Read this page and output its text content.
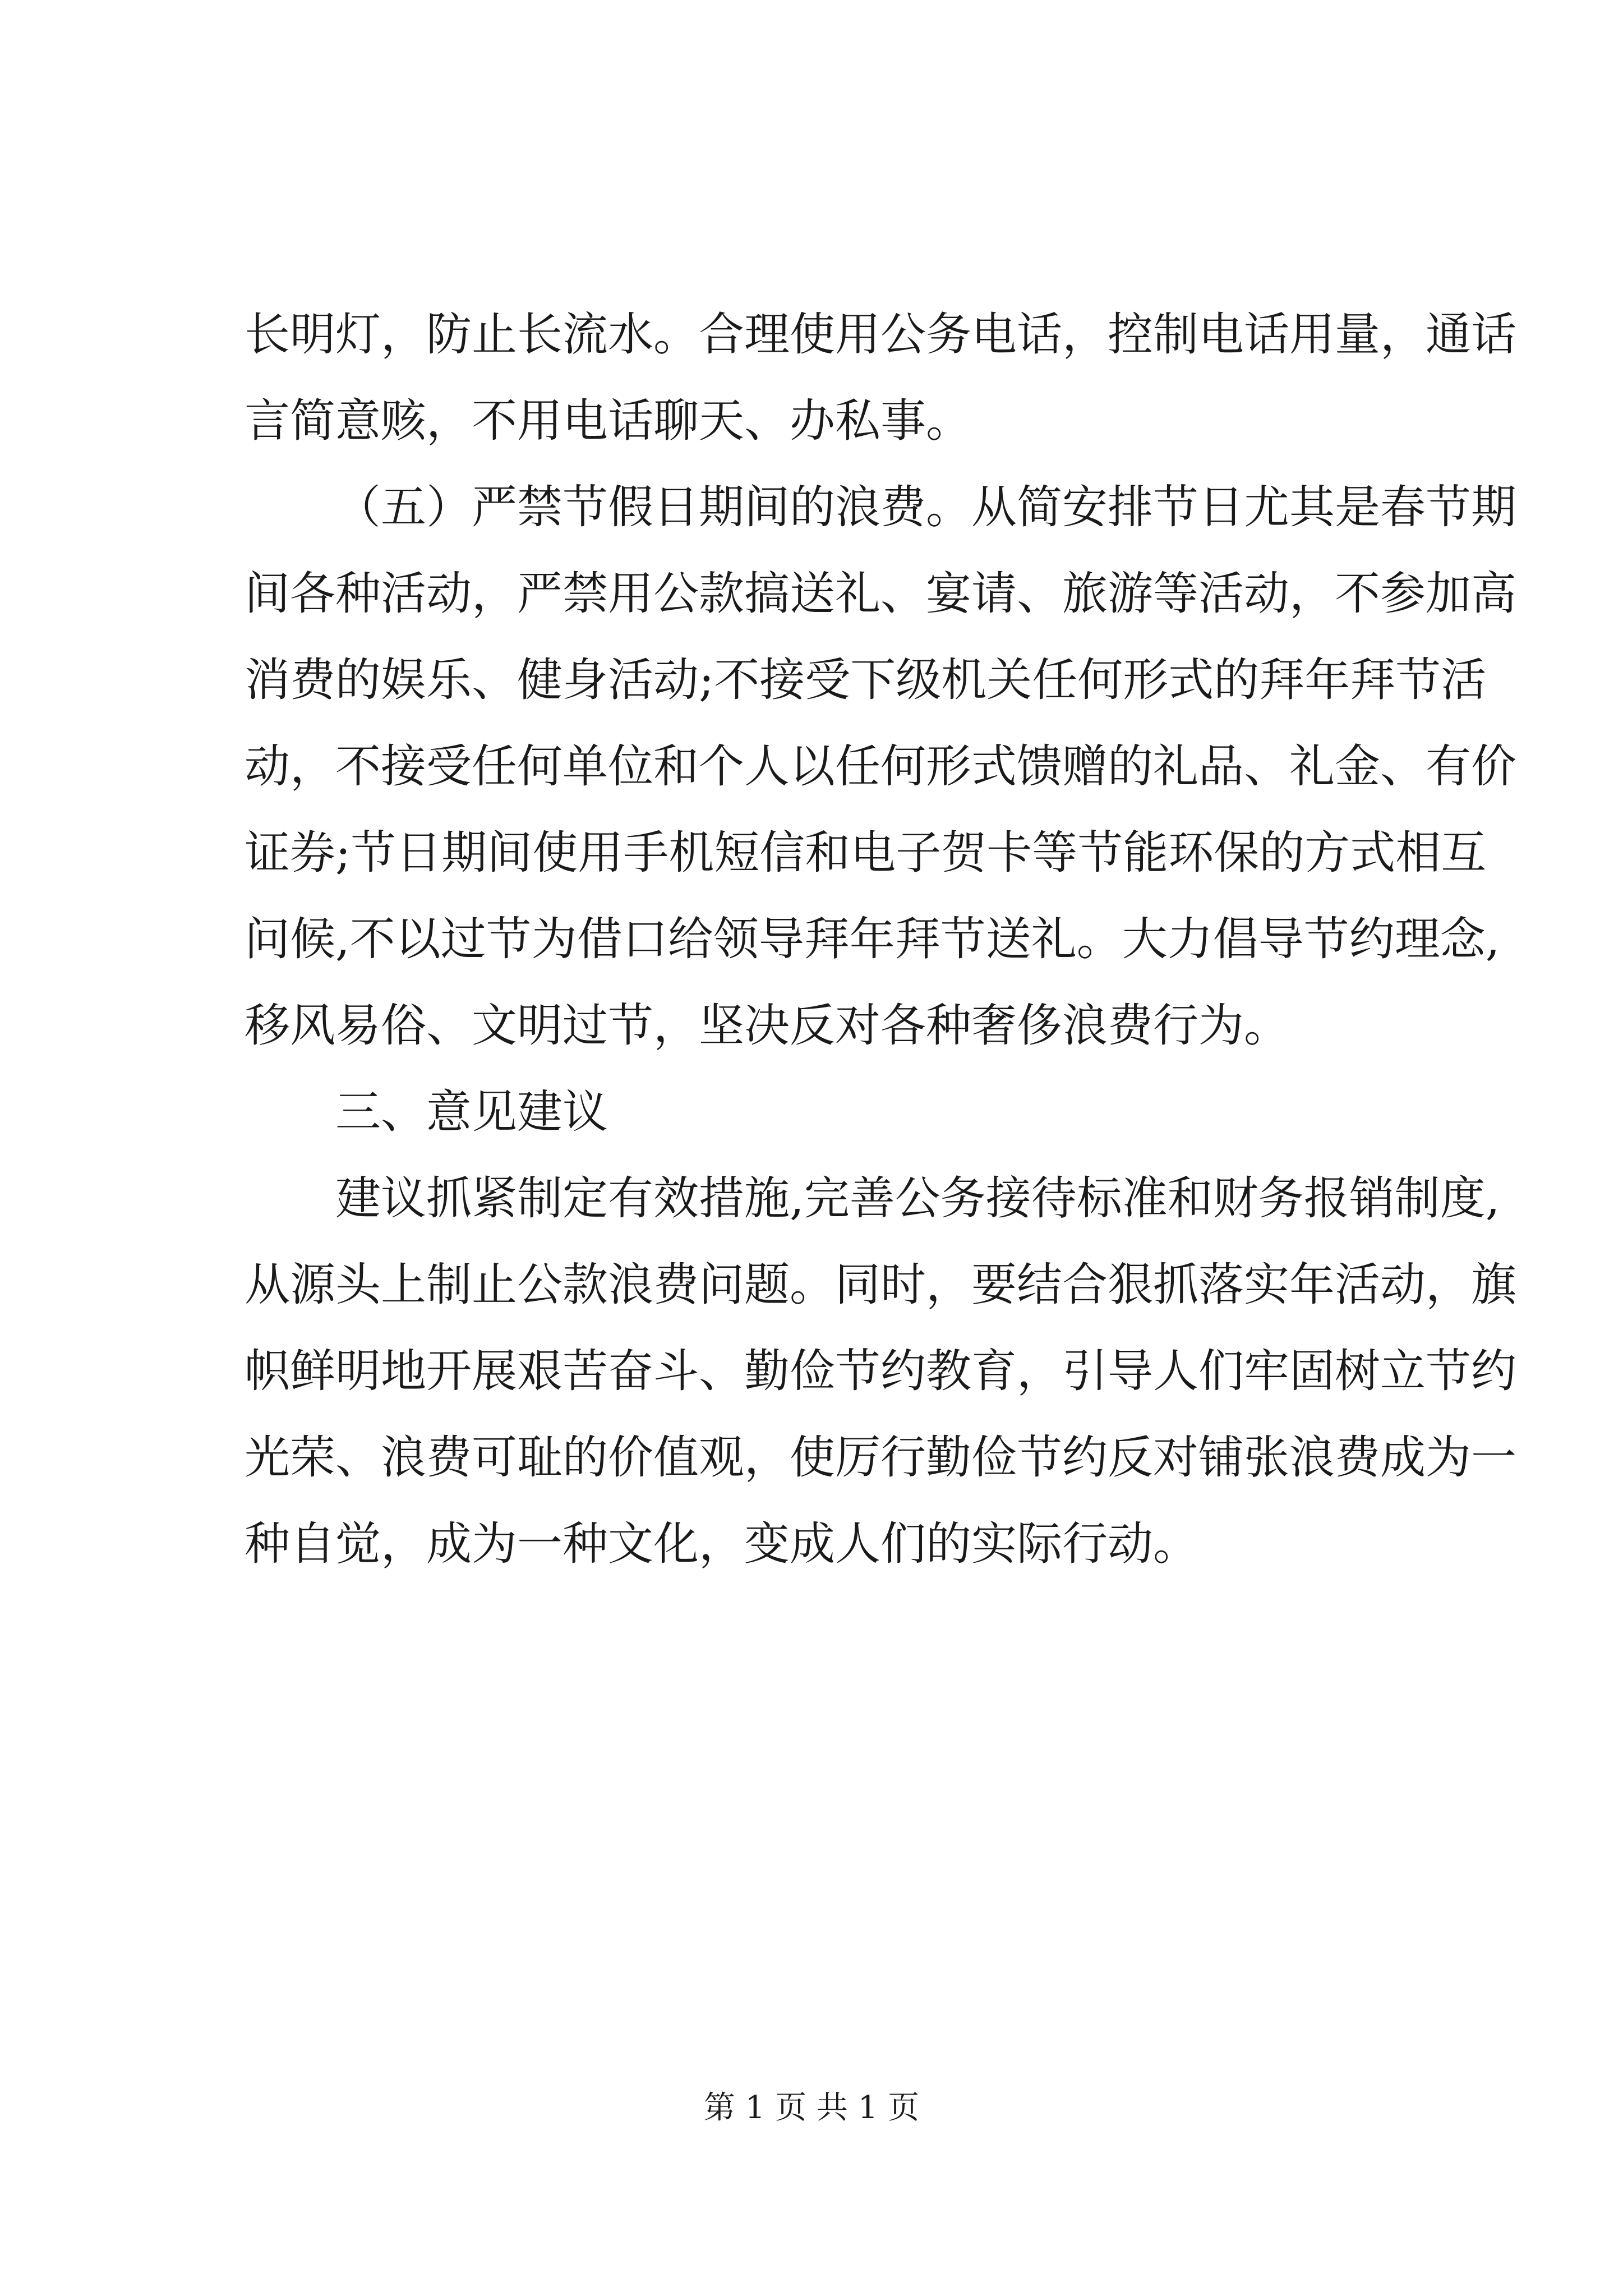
长明灯，防止长流水。合理使用公务电话，控制电话用量，通话
言简意赅，不用电话聊天、办私事。
（五）严禁节假日期间的浪费。从简安排节日尤其是春节期
间各种活动，严禁用公款搞送礼、宴请、旅游等活动，不参加高
消费的娱乐、健身活动;不接受下级机关任何形式的拜年拜节活
动，不接受任何单位和个人以任何形式馈赠的礼品、礼金、有价
证券;节日期间使用手机短信和电子贺卡等节能环保的方式相互
问候,不以过节为借口给领导拜年拜节送礼。大力倡导节约理念,
移风易俗、文明过节，坚决反对各种奢侈浪费行为。
三、意见建议
建议抓紧制定有效措施,完善公务接待标准和财务报销制度,
从源头上制止公款浪费问题。同时，要结合狠抓落实年活动，旗
帜鲜明地开展艰苦奋斗、勤俭节约教育，引导人们牢固树立节约
光荣、浪费可耻的价值观，使厉行勤俭节约反对铺张浪费成为一
种自觉，成为一种文化，变成人们的实际行动。
第 1 页 共 1 页
